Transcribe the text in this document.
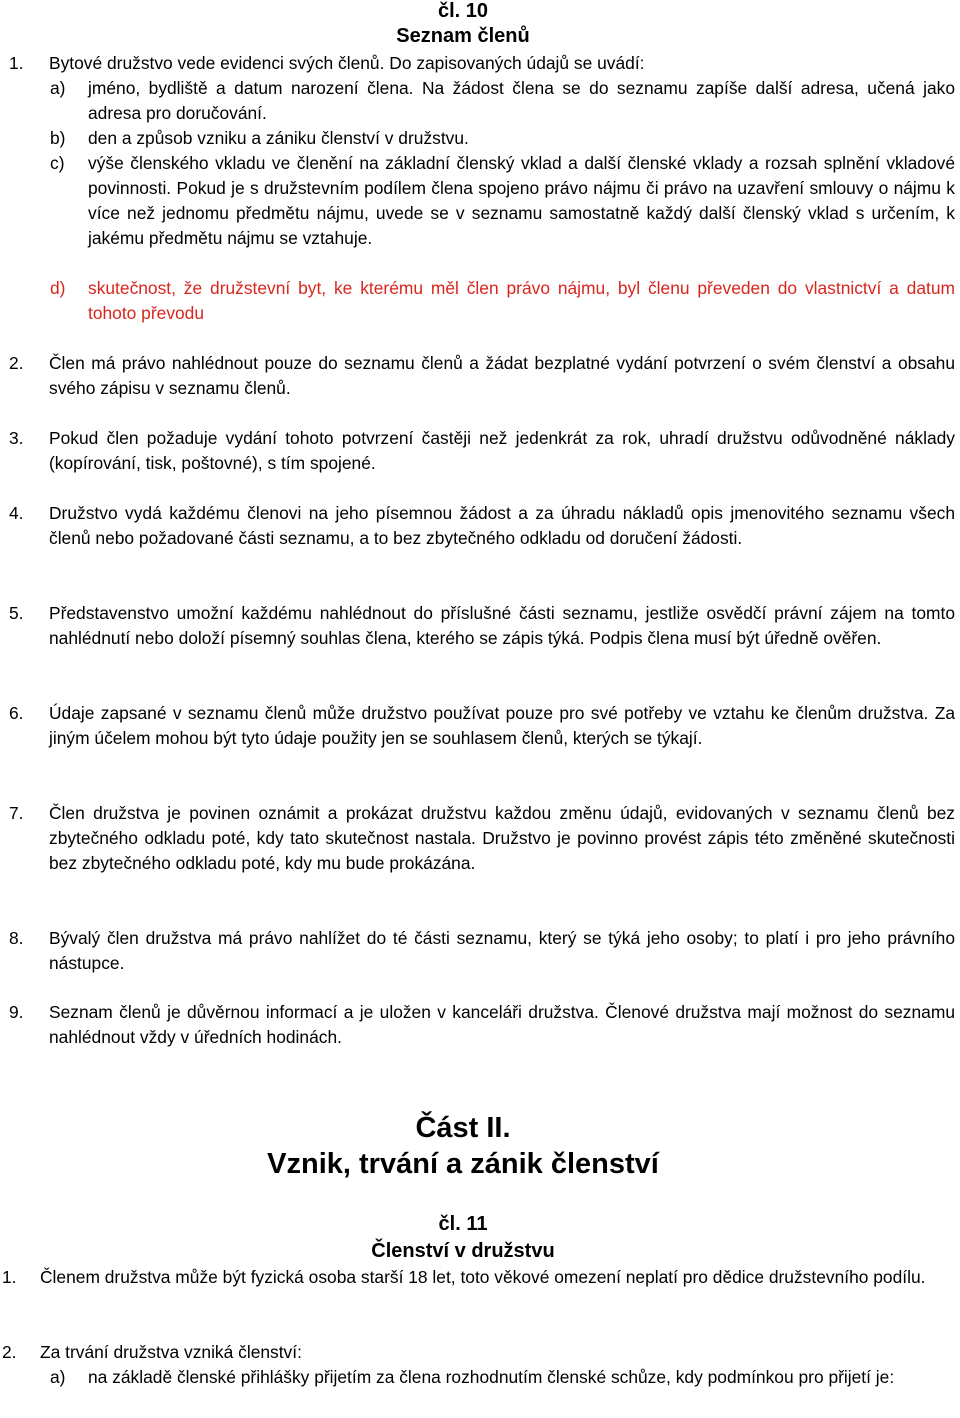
čl. 10
Seznam členů
1.	Bytové družstvo vede evidenci svých členů. Do zapisovaných údajů se uvádí:
a)	jméno, bydliště a datum narození člena. Na žádost člena se do seznamu zapíše další adresa, učená jako adresa pro doručování.
b)	den a způsob vzniku a zániku členství v družstvu.
c)	výše členského vkladu ve členění na základní členský vklad a další členské vklady a rozsah splnění vkladové povinnosti. Pokud je s družstevním podílem člena spojeno právo nájmu či právo na uzavření smlouvy o nájmu k více než jednomu předmětu nájmu, uvede se v seznamu samostatně každý další členský vklad s určením, k jakému předmětu nájmu se vztahuje.
d)	skutečnost, že družstevní byt, ke kterému měl člen právo nájmu, byl členu převeden do vlastnictví a datum tohoto převodu
2.	Člen má právo nahlédnout pouze do seznamu členů a žádat bezplatné vydání potvrzení o svém členství a obsahu svého zápisu v seznamu členů.
3.	Pokud člen požaduje vydání tohoto potvrzení častěji než jedenkrát za rok, uhradí družstvu odůvodněné náklady (kopírování, tisk, poštovné), s tím spojené.
4.	Družstvo vydá každému členovi na jeho písemnou žádost a za úhradu nákladů opis jmenovitého seznamu všech členů nebo požadované části seznamu, a to bez zbytečného odkladu od doručení žádosti.
5.	Představenstvo umožní každému nahlédnout do příslušné části seznamu, jestliže osvědčí právní zájem na tomto nahlédnutí nebo doloží písemný souhlas člena, kterého se zápis týká. Podpis člena musí být úředně ověřen.
6.	Údaje zapsané v seznamu členů může družstvo používat pouze pro své potřeby ve vztahu ke členům družstva. Za jiným účelem mohou být tyto údaje použity jen se souhlasem členů, kterých se týkají.
7.	Člen družstva je povinen oznámit a prokázat družstvu každou změnu údajů, evidovaných v seznamu členů bez zbytečného odkladu poté, kdy tato skutečnost nastala. Družstvo je povinno provést zápis této změněné skutečnosti bez zbytečného odkladu poté, kdy mu bude prokázána.
8.	Bývalý člen družstva má právo nahlížet do té části seznamu, který se týká jeho osoby; to platí i pro jeho právního nástupce.
9.	Seznam členů je důvěrnou informací a je uložen v kanceláři družstva. Členové družstva mají možnost do seznamu nahlédnout vždy v úředních hodinách.
Část II.
Vznik, trvání a zánik členství
čl. 11
Členství v družstvu
1.	Členem družstva může být fyzická osoba starší 18 let, toto věkové omezení neplatí pro dědice družstevního podílu.
2.	Za trvání družstva vzniká členství:
a)	na základě členské přihlášky přijetím za člena rozhodnutím členské schůze, kdy podmínkou pro přijetí je:
